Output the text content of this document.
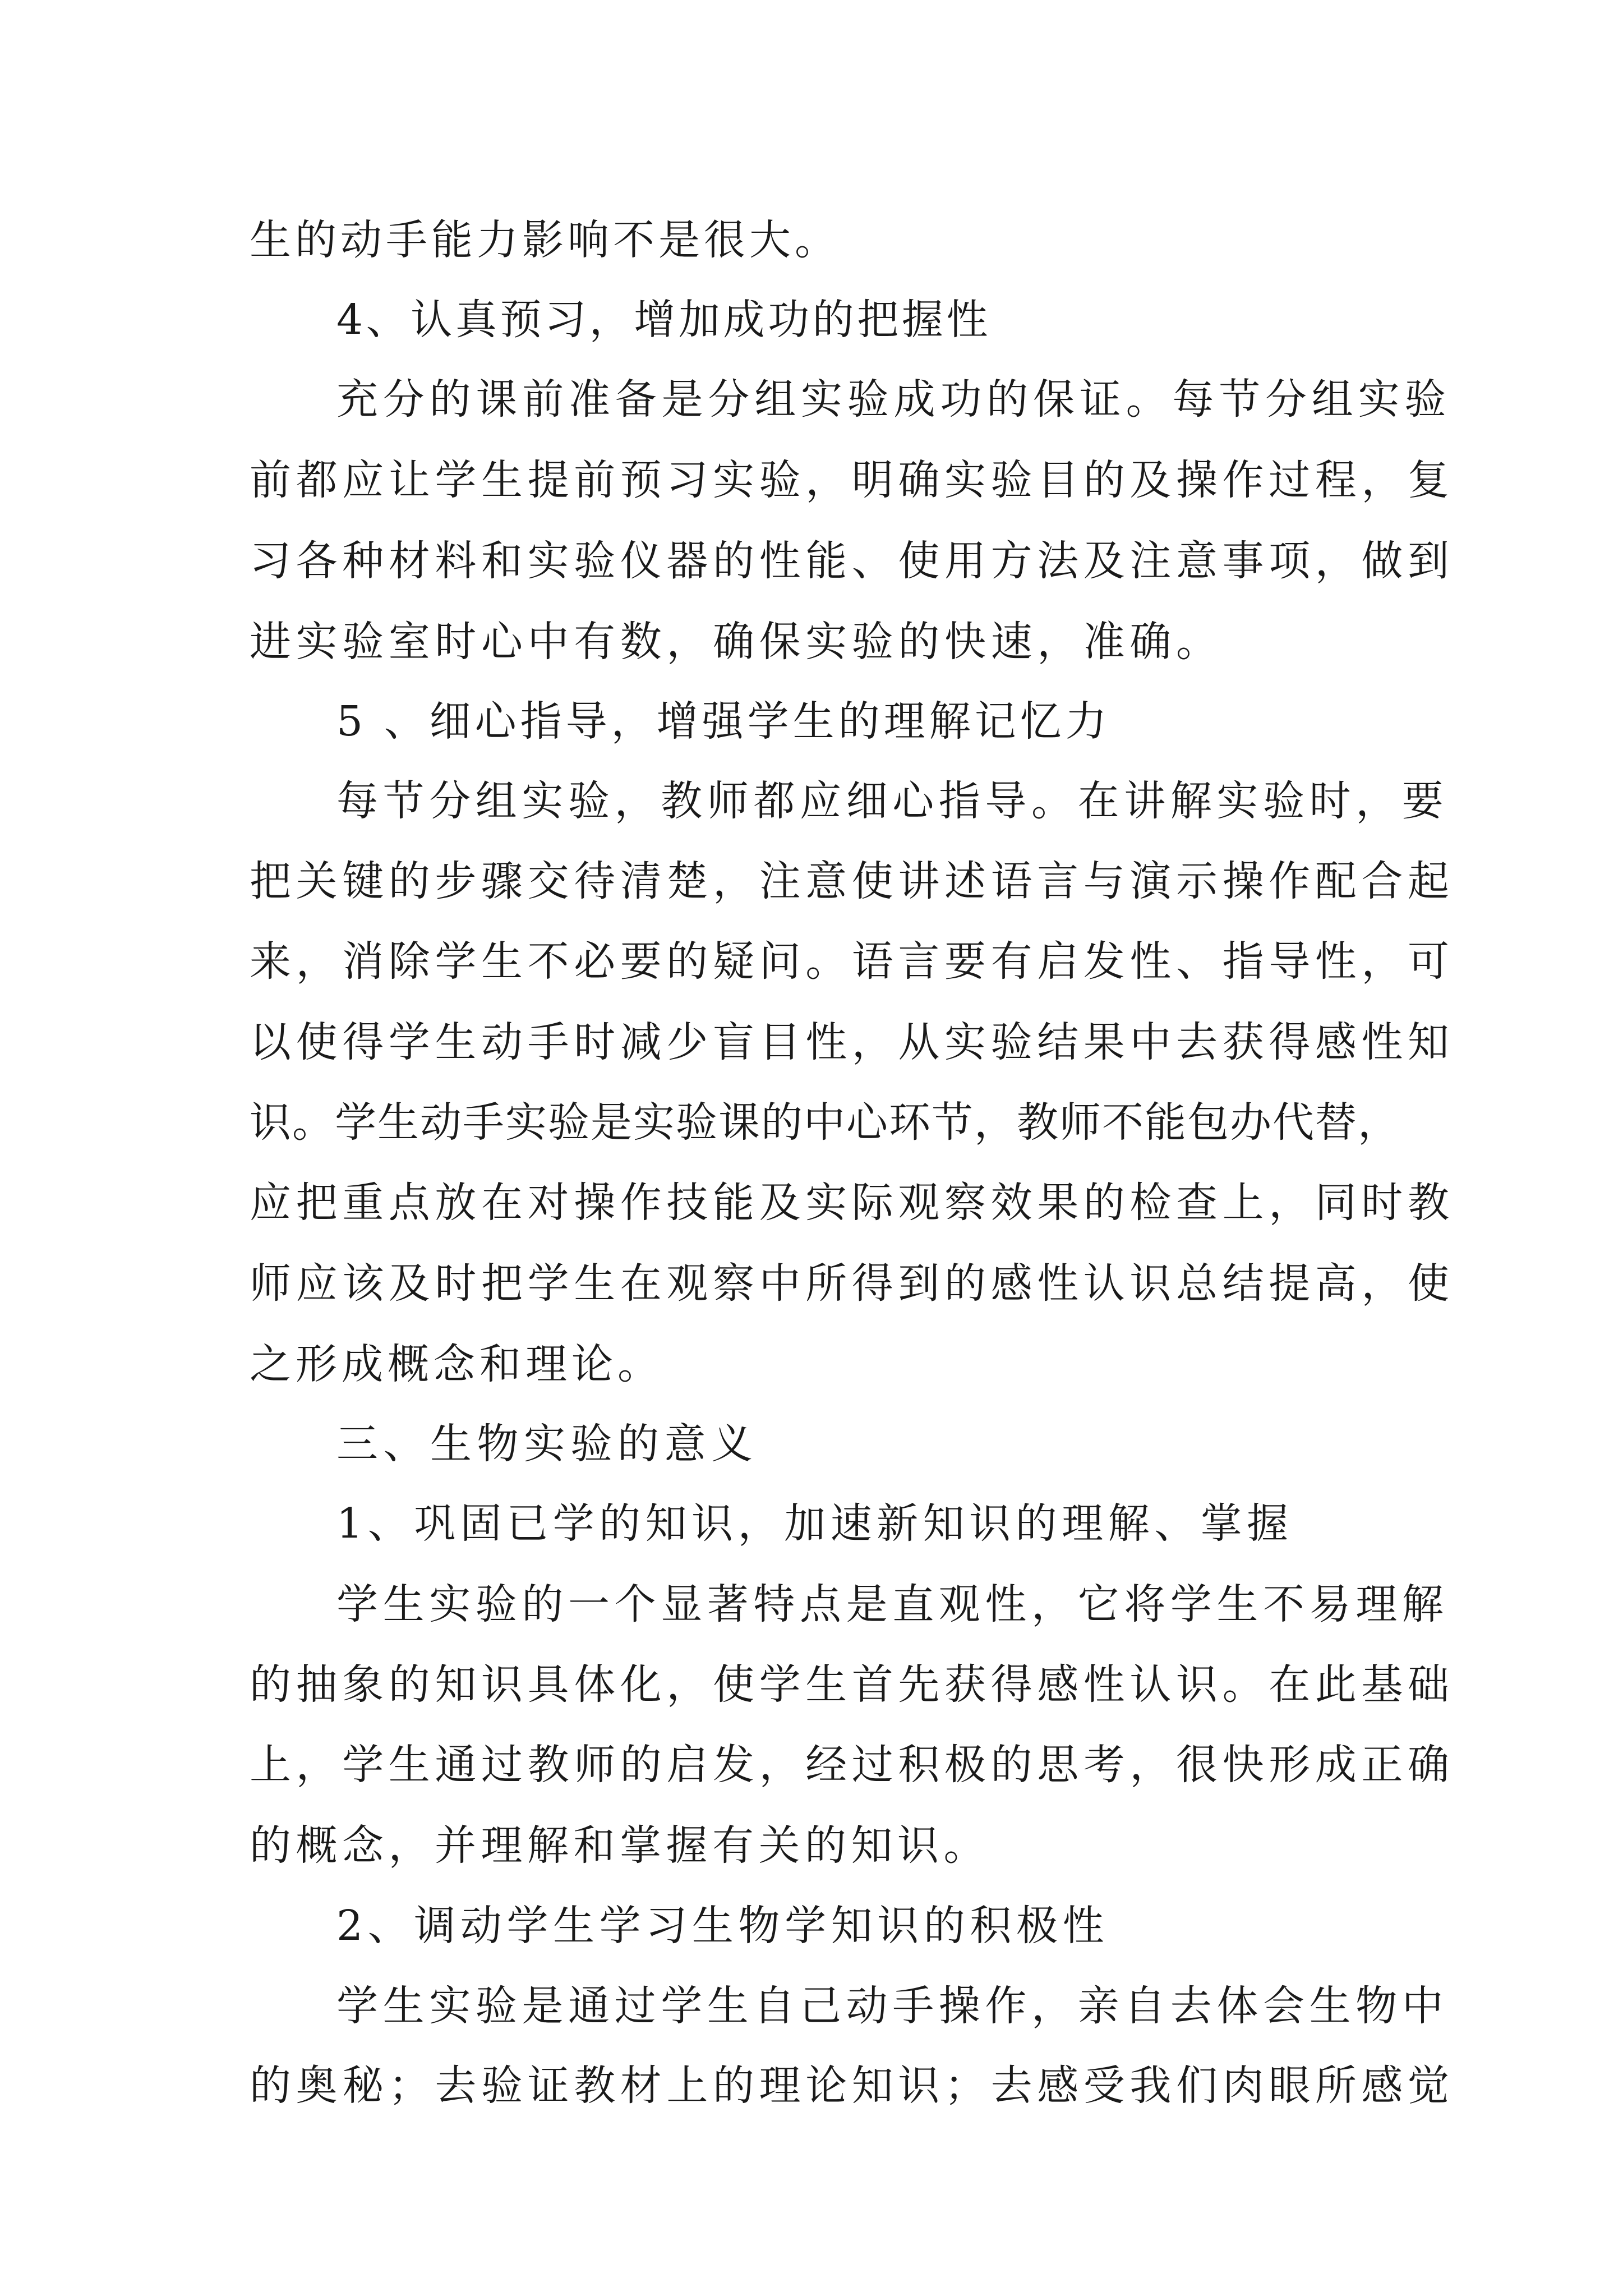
生的动手能力影响不是很大。

4、认真预习，增加成功的把握性

充分的课前准备是分组实验成功的保证。每节分组实验

前都应让学生提前预习实验，明确实验目的及操作过程，复

习各种材料和实验仪器的性能、使用方法及注意事项，做到

进实验室时心中有数，确保实验的快速，准确。

5 、细心指导，增强学生的理解记忆力

每节分组实验，教师都应细心指导。在讲解实验时，要

把关键的步骤交待清楚，注意使讲述语言与演示操作配合起

来，消除学生不必要的疑问。语言要有启发性、指导性，可

以使得学生动手时减少盲目性，从实验结果中去获得感性知

识。学生动手实验是实验课的中心环节，教师不能包办代替，

应把重点放在对操作技能及实际观察效果的检查上，同时教

师应该及时把学生在观察中所得到的感性认识总结提高，使

之形成概念和理论。

三、生物实验的意义

1、巩固已学的知识，加速新知识的理解、掌握

学生实验的一个显著特点是直观性，它将学生不易理解

的抽象的知识具体化，使学生首先获得感性认识。在此基础

上，学生通过教师的启发，经过积极的思考，很快形成正确

的概念，并理解和掌握有关的知识。

2、调动学生学习生物学知识的积极性

学生实验是通过学生自己动手操作，亲自去体会生物中

的奥秘；去验证教材上的理论知识；去感受我们肉眼所感觉
